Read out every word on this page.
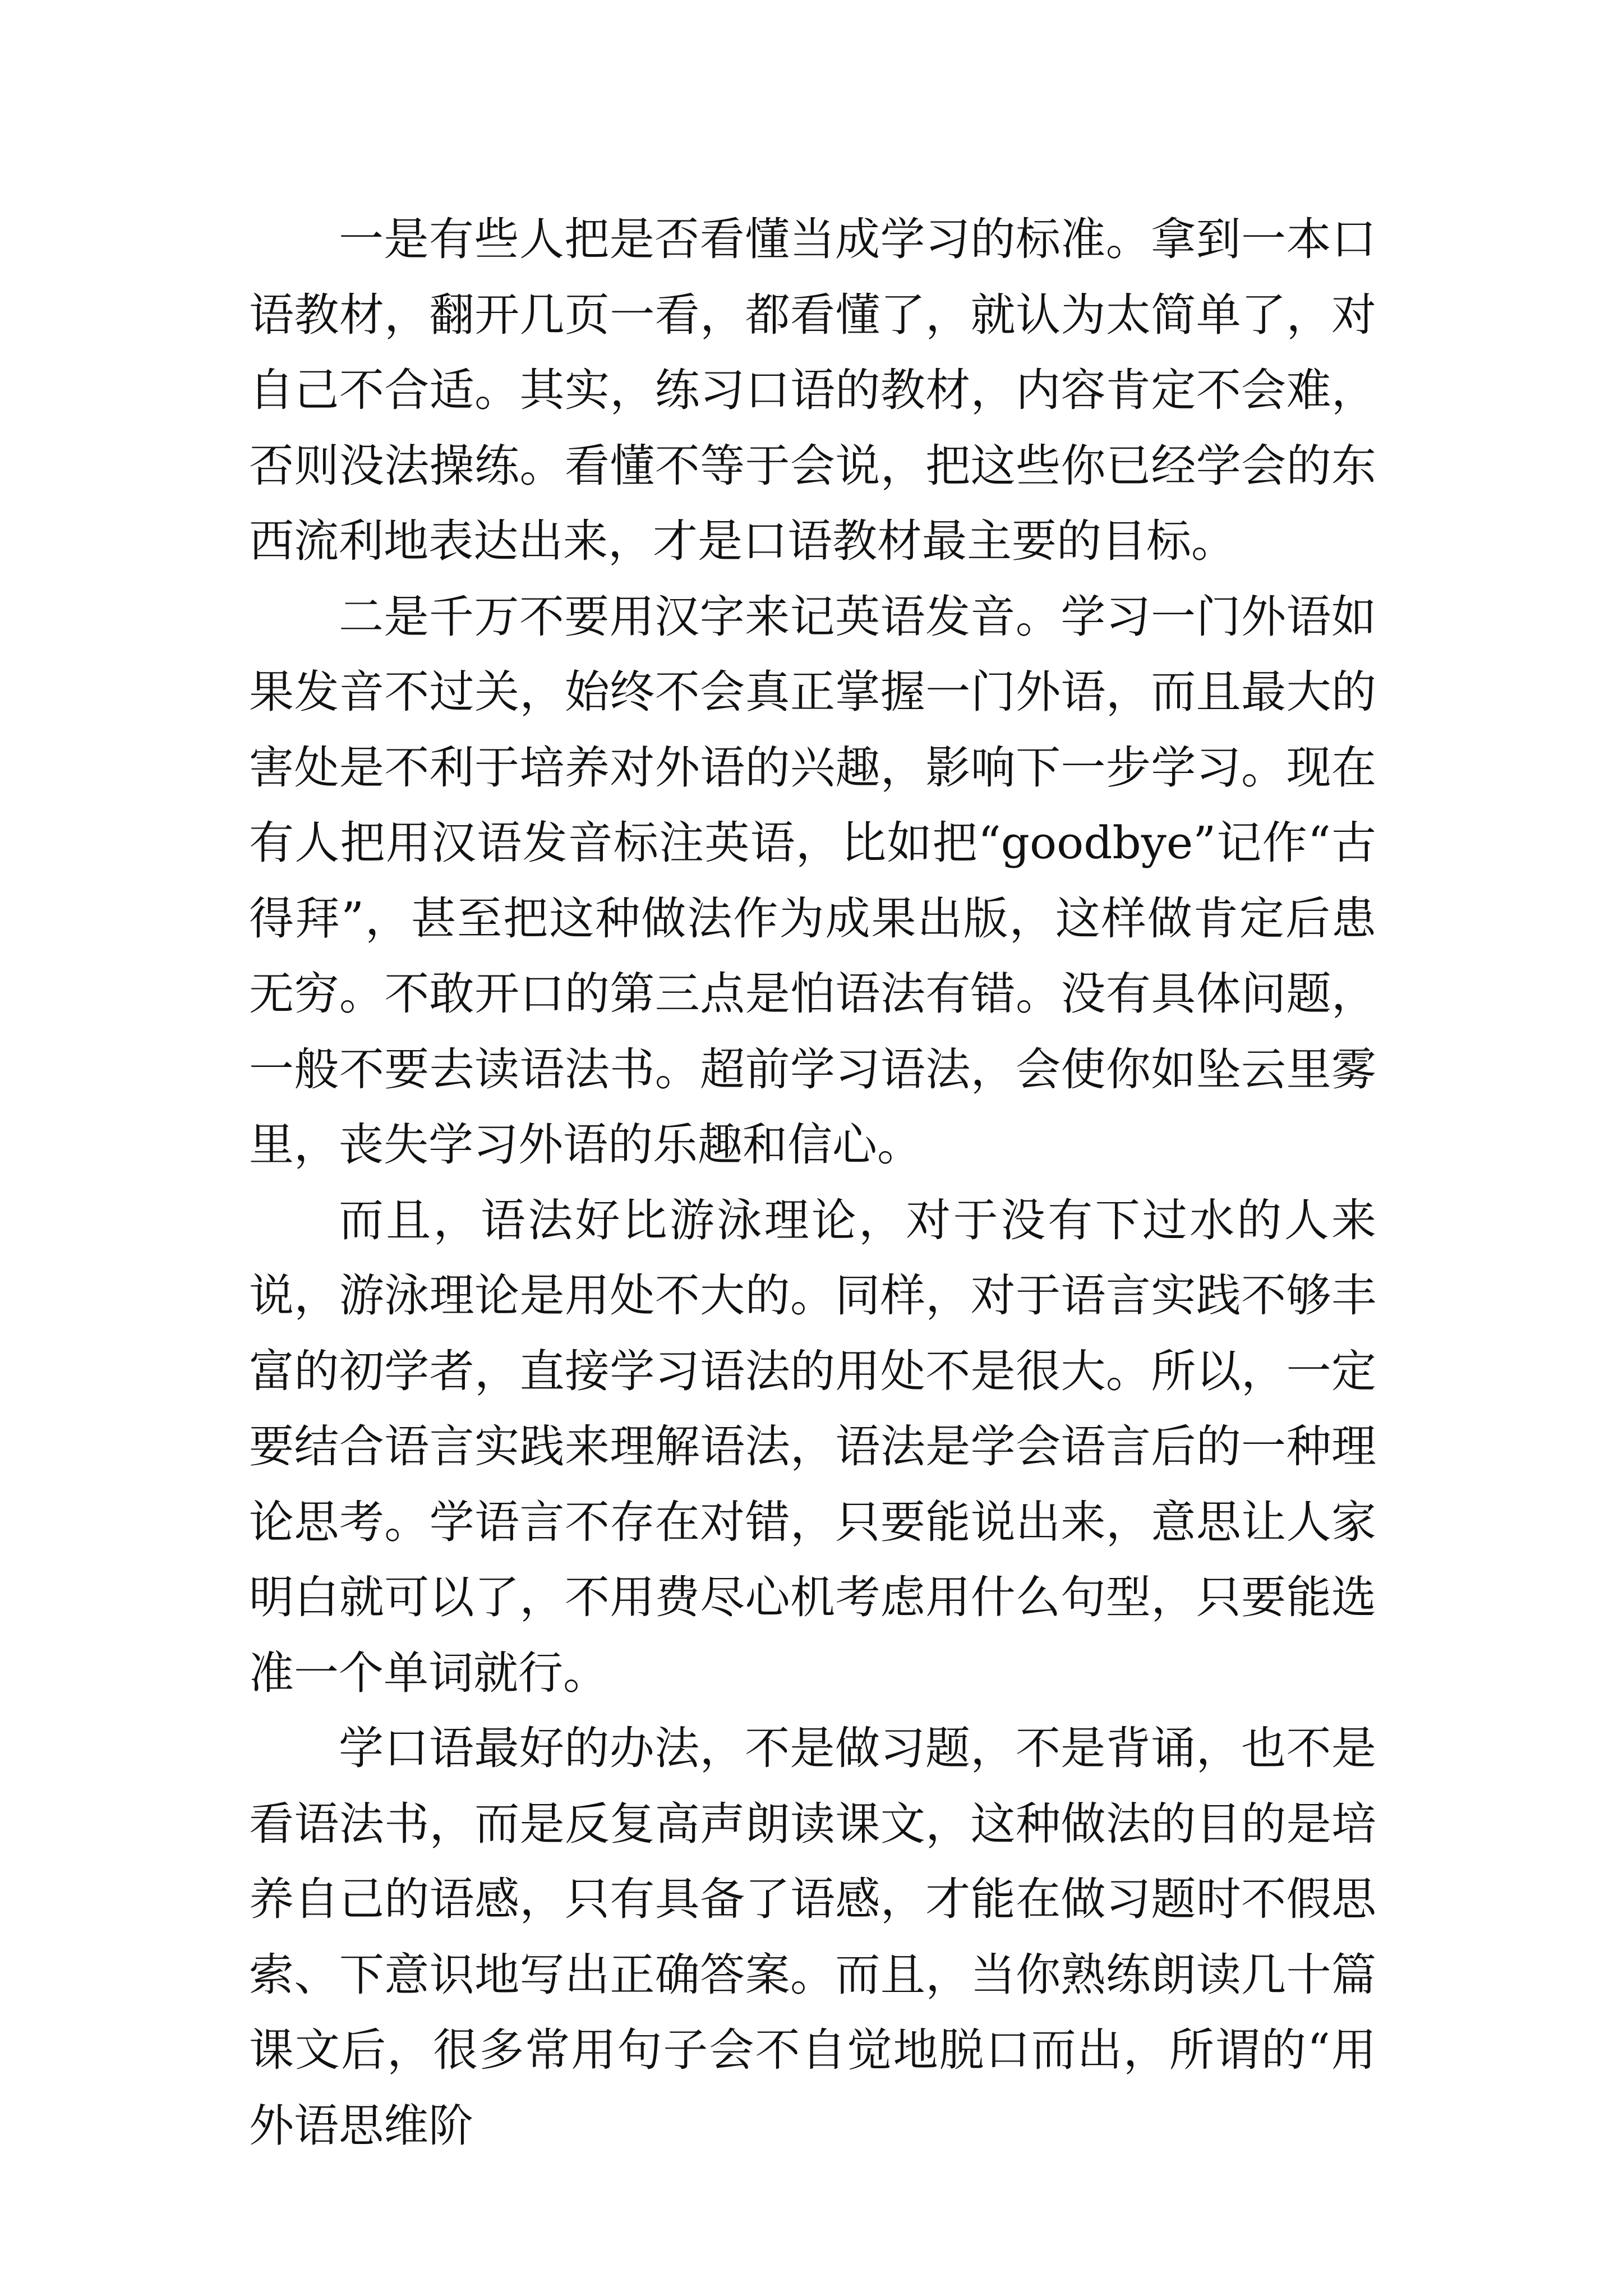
一是有些人把是否看懂当成学习的标准。拿到一本口语教材，翻开几页一看，都看懂了，就认为太简单了，对自己不合适。其实，练习口语的教材，内容肯定不会难，否则没法操练。看懂不等于会说，把这些你已经学会的东西流利地表达出来，才是口语教材最主要的目标。

二是千万不要用汉字来记英语发音。学习一门外语如果发音不过关，始终不会真正掌握一门外语，而且最大的害处是不利于培养对外语的兴趣，影响下一步学习。现在有人把用汉语发音标注英语，比如把“goodbye”记作“古得拜”，甚至把这种做法作为成果出版，这样做肯定后患无穷。不敢开口的第三点是怕语法有错。没有具体问题，一般不要去读语法书。超前学习语法，会使你如坠云里雾里，丧失学习外语的乐趣和信心。

而且，语法好比游泳理论，对于没有下过水的人来说，游泳理论是用处不大的。同样，对于语言实践不够丰富的初学者，直接学习语法的用处不是很大。所以，一定要结合语言实践来理解语法，语法是学会语言后的一种理论思考。学语言不存在对错，只要能说出来，意思让人家明白就可以了，不用费尽心机考虑用什么句型，只要能选准一个单词就行。

学口语最好的办法，不是做习题，不是背诵，也不是看语法书，而是反复高声朗读课文，这种做法的目的是培养自己的语感，只有具备了语感，才能在做习题时不假思索、下意识地写出正确答案。而且，当你熟练朗读几十篇课文后，很多常用句子会不自觉地脱口而出，所谓的“用外语思维阶
